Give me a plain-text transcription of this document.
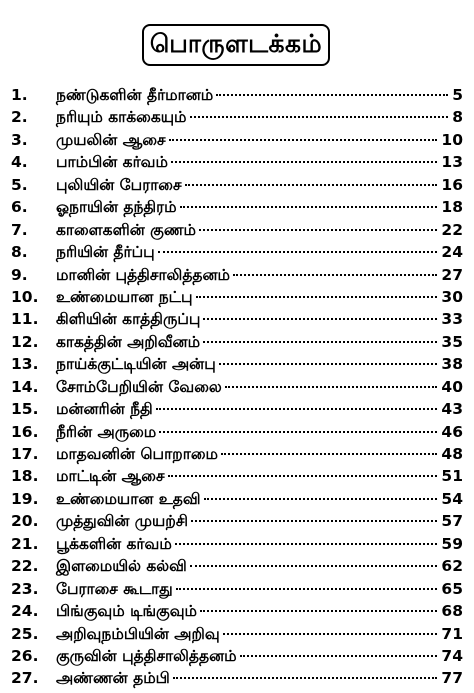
பொருளடக்கம்
1. நண்டுகளின் தீர்மானம்	5
2. நரியும் காக்கையும்	8
3. முயலின் ஆசை	10
4. பாம்பின் கர்வம்	13
5. புலியின் பேராசை	16
6. ஓநாயின் தந்திரம்	18
7. காளைகளின் குணம்	22
8. நரியின் தீர்ப்பு	24
9. மானின் புத்திசாலித்தனம்	27
10. உண்மையான நட்பு	30
11. கிளியின் காத்திருப்பு	33
12. காகத்தின் அறிவீனம்	35
13. நாய்க்குட்டியின் அன்பு	38
14. சோம்பேறியின் வேலை	40
15. மன்னரின் நீதி	43
16. நீரின் அருமை	46
17. மாதவனின் பொறாமை	48
18. மாட்டின் ஆசை	51
19. உண்மையான உதவி	54
20. முத்துவின் முயற்சி	57
21. பூக்களின் கர்வம்	59
22. இளமையில் கல்வி	62
23. பேராசை கூடாது	65
24. பிங்குவும் டிங்குவும்	68
25. அறிவுநம்பியின் அறிவு	71
26. குருவின் புத்திசாலித்தனம்	74
27. அண்ணன் தம்பி	77
